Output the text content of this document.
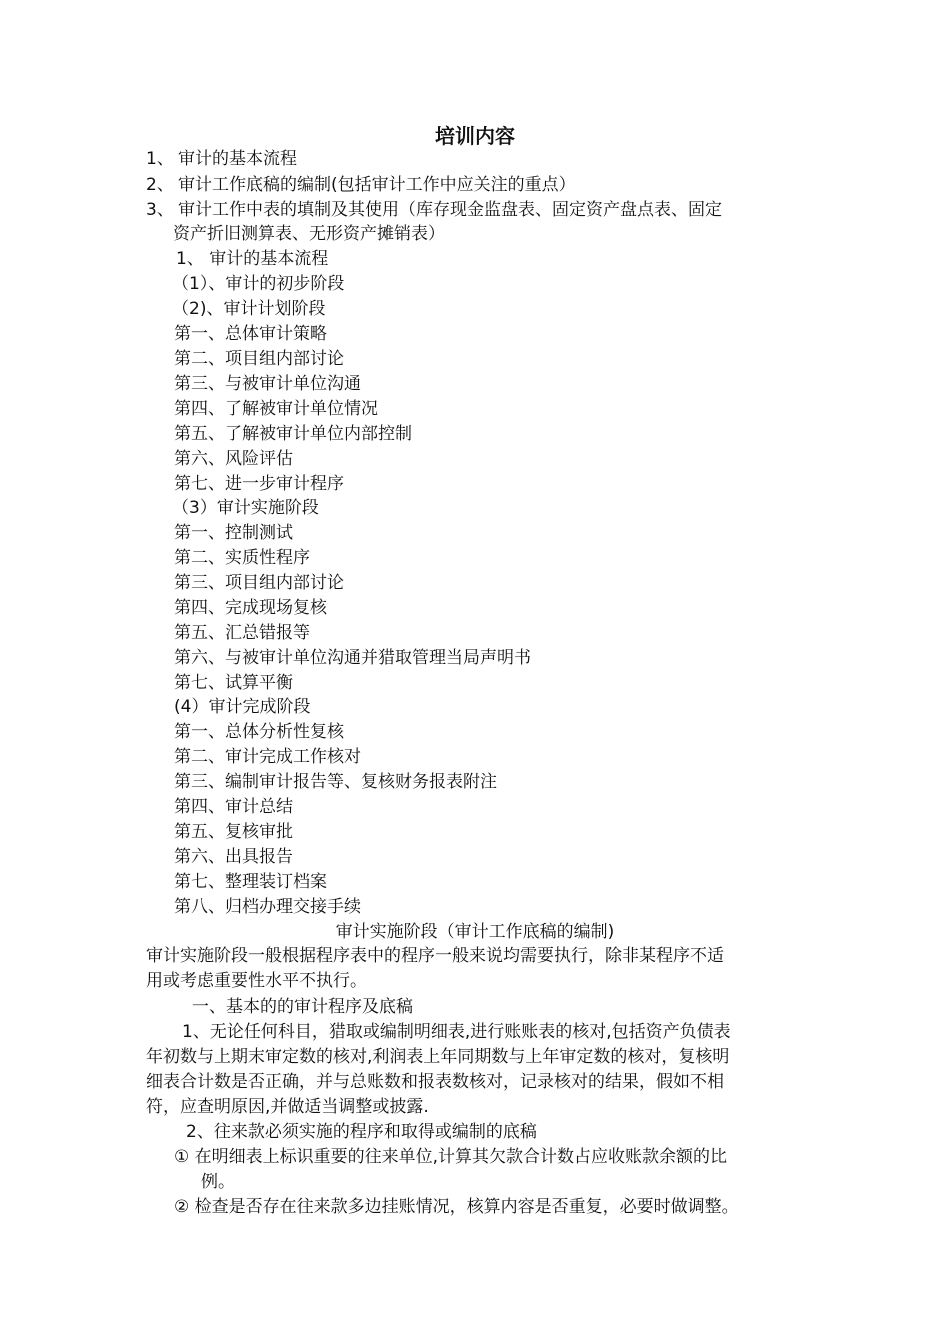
培训内容

1、 审计的基本流程

2、 审计工作底稿的编制(包括审计工作中应关注的重点）

3、 审计工作中表的填制及其使用（库存现金监盘表、固定资产盘点表、固定

资产折旧测算表、无形资产摊销表）

1、 审计的基本流程

（1）、审计的初步阶段

（2)、审计计划阶段

第一、总体审计策略

第二、项目组内部讨论

第三、与被审计单位沟通

第四、了解被审计单位情况

第五、了解被审计单位内部控制

第六、风险评估

第七、进一步审计程序

（3）审计实施阶段

第一、控制测试

第二、实质性程序

第三、项目组内部讨论

第四、完成现场复核

第五、汇总错报等

第六、与被审计单位沟通并猎取管理当局声明书

第七、试算平衡

(4）审计完成阶段

第一、总体分析性复核

第二、审计完成工作核对

第三、编制审计报告等、复核财务报表附注

第四、审计总结

第五、复核审批

第六、出具报告

第七、整理装订档案

第八、归档办理交接手续

审计实施阶段（审计工作底稿的编制)

审计实施阶段一般根据程序表中的程序一般来说均需要执行，除非某程序不适

用或考虑重要性水平不执行。

一、基本的的审计程序及底稿

1、无论任何科目，猎取或编制明细表,进行账账表的核对,包括资产负债表

年初数与上期末审定数的核对,利润表上年同期数与上年审定数的核对，复核明

细表合计数是否正确，并与总账数和报表数核对，记录核对的结果，假如不相

符，应查明原因,并做适当调整或披露.

2、往来款必须实施的程序和取得或编制的底稿

① 在明细表上标识重要的往来单位,计算其欠款合计数占应收账款余额的比

例。

② 检查是否存在往来款多边挂账情况，核算内容是否重复，必要时做调整。
